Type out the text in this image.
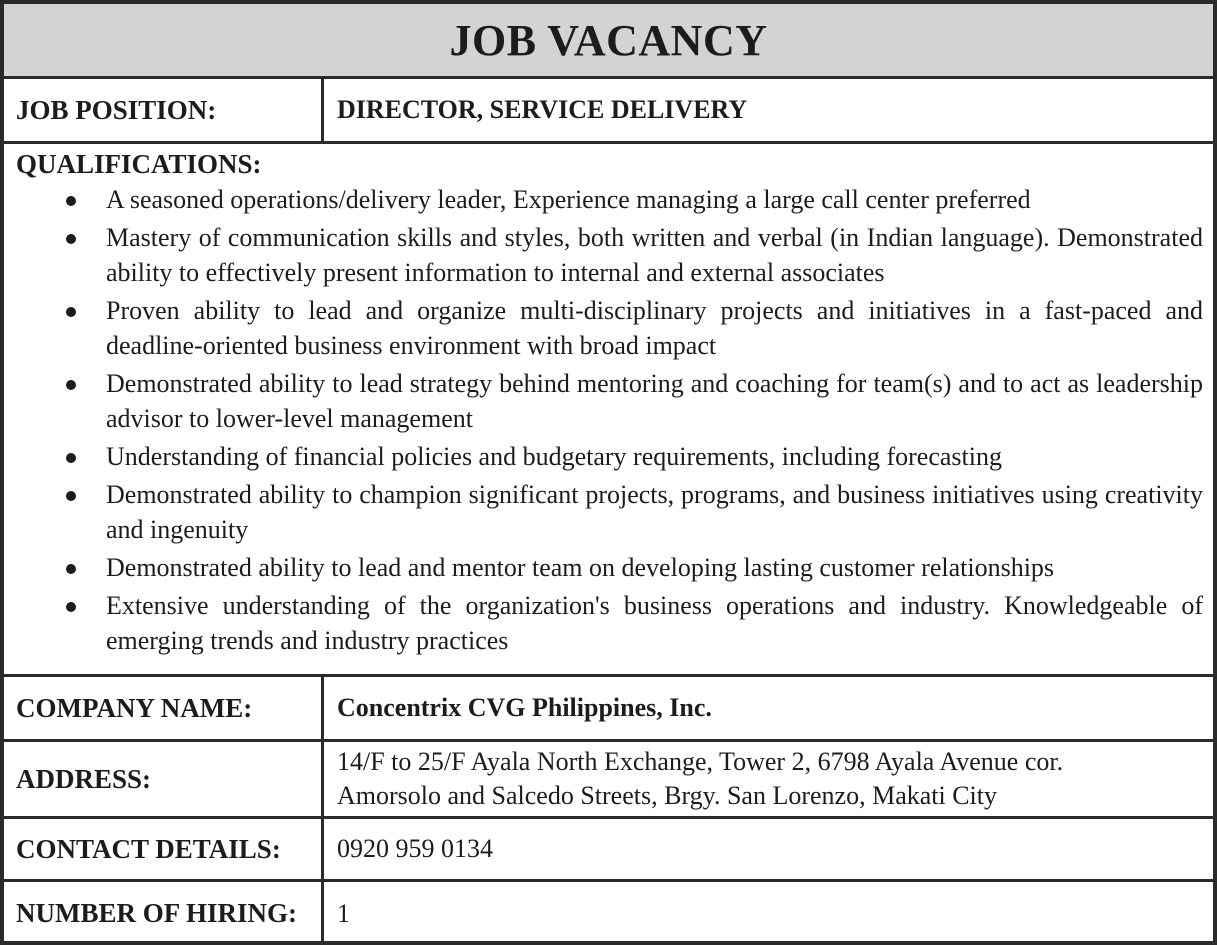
JOB VACANCY
JOB POSITION:	DIRECTOR, SERVICE DELIVERY
QUALIFICATIONS:
A seasoned operations/delivery leader, Experience managing a large call center preferred
Mastery of communication skills and styles, both written and verbal (in Indian language). Demonstrated ability to effectively present information to internal and external associates
Proven ability to lead and organize multi-disciplinary projects and initiatives in a fast-paced and deadline-oriented business environment with broad impact
Demonstrated ability to lead strategy behind mentoring and coaching for team(s) and to act as leadership advisor to lower-level management
Understanding of financial policies and budgetary requirements, including forecasting
Demonstrated ability to champion significant projects, programs, and business initiatives using creativity and ingenuity
Demonstrated ability to lead and mentor team on developing lasting customer relationships
Extensive understanding of the organization's business operations and industry. Knowledgeable of emerging trends and industry practices
COMPANY NAME:	Concentrix CVG Philippines, Inc.
ADDRESS:
14/F to 25/F Ayala North Exchange, Tower 2, 6798 Ayala Avenue cor.
Amorsolo and Salcedo Streets, Brgy. San Lorenzo, Makati City
CONTACT DETAILS:	0920 959 0134
NUMBER OF HIRING:	1
